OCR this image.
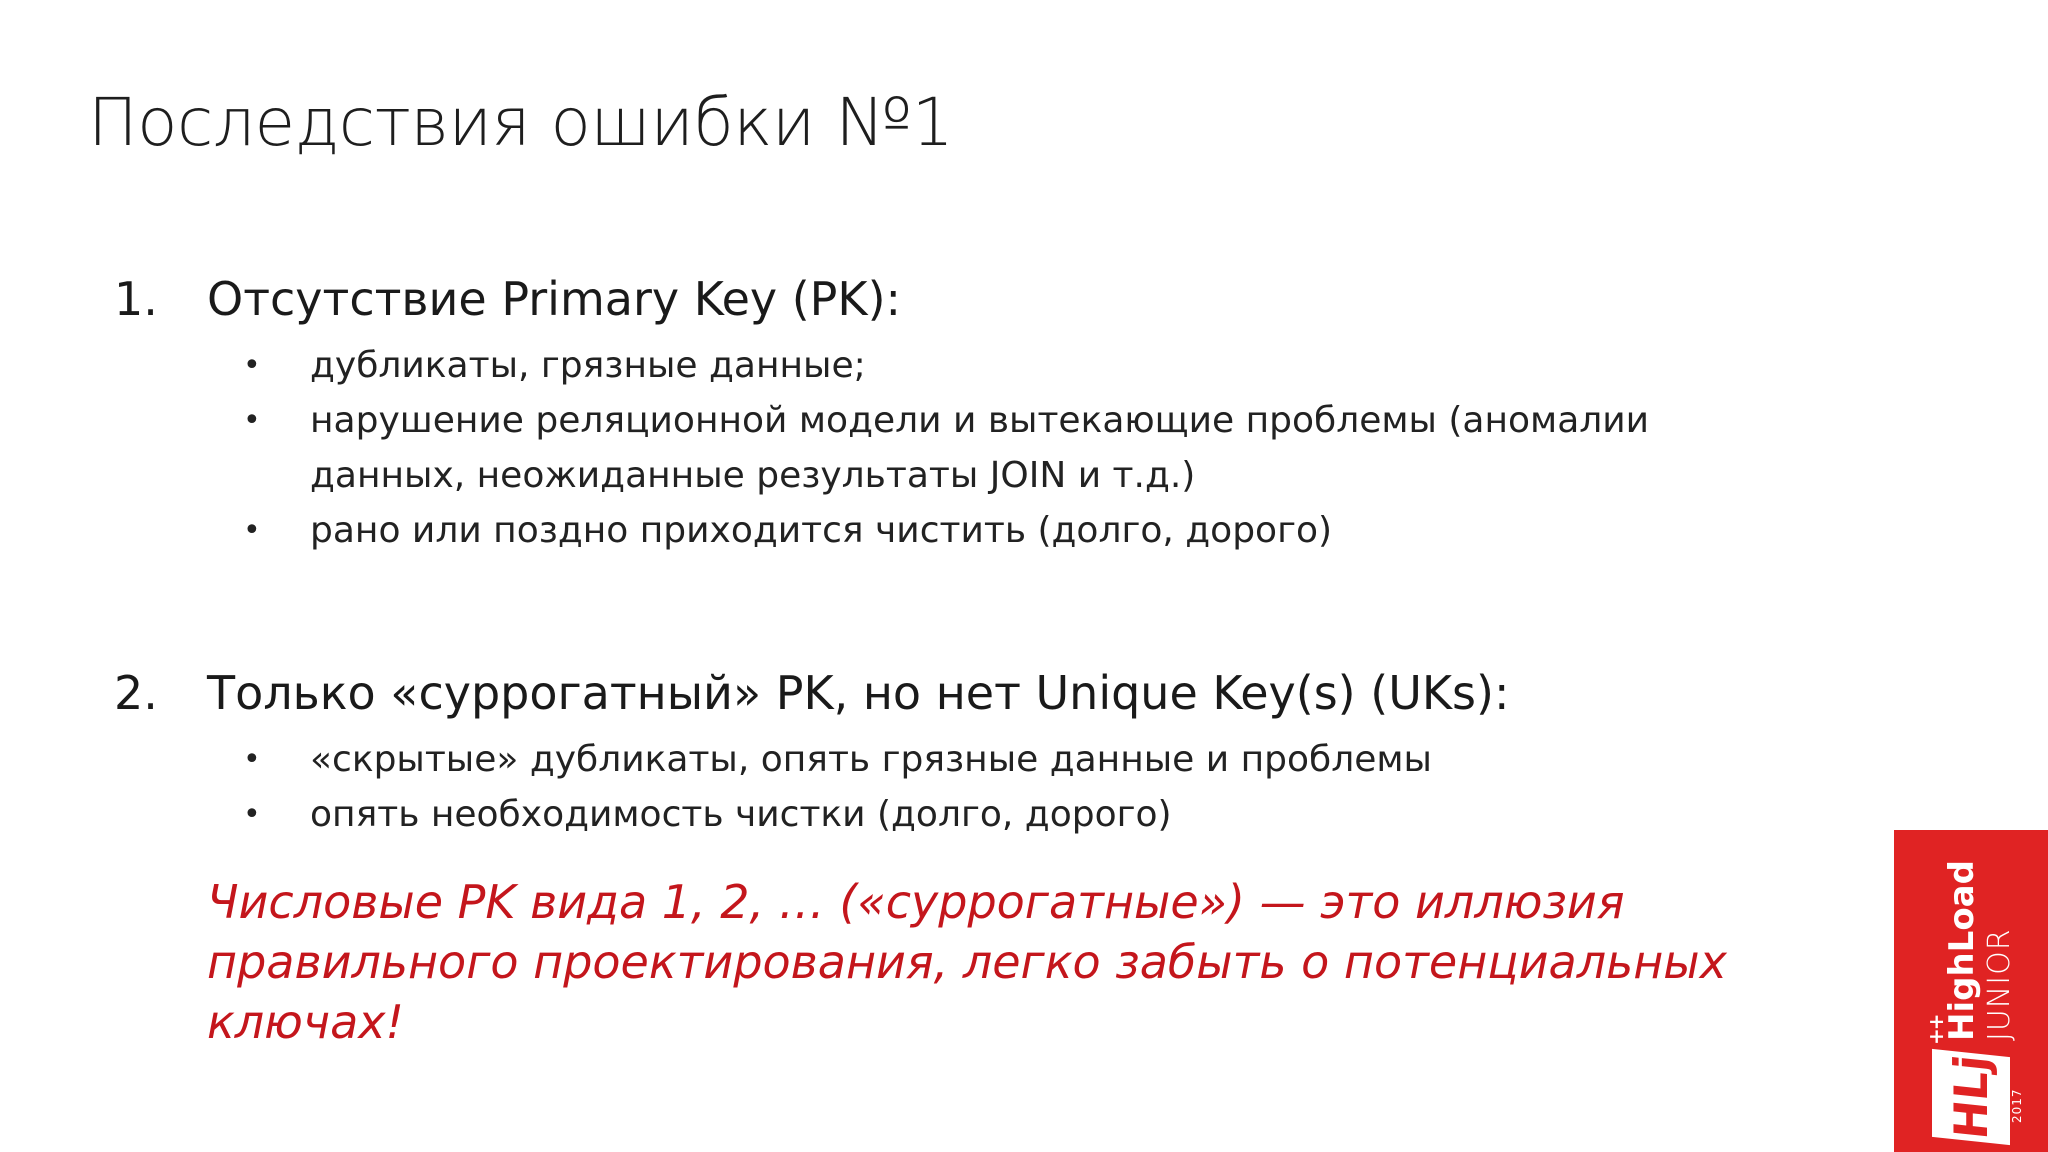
Последствия ошибки №1
1. Отсутствие Primary Key (PK):
• дубликаты, грязные данные;
• нарушение реляционной модели и вытекающие проблемы (аномалии данных, неожиданные результаты JOIN и т.д.)
• рано или поздно приходится чистить (долго, дорого)
2. Только «суррогатный» PK, но нет Unique Key(s) (UKs):
• «скрытые» дубликаты, опять грязные данные и проблемы
• опять необходимость чистки (долго, дорого)
Числовые PK вида 1, 2, … («суррогатные») — это иллюзия правильного проектирования, легко забыть о потенциальных ключах!
HLj
++
2017
HighLoad JUNIOR
